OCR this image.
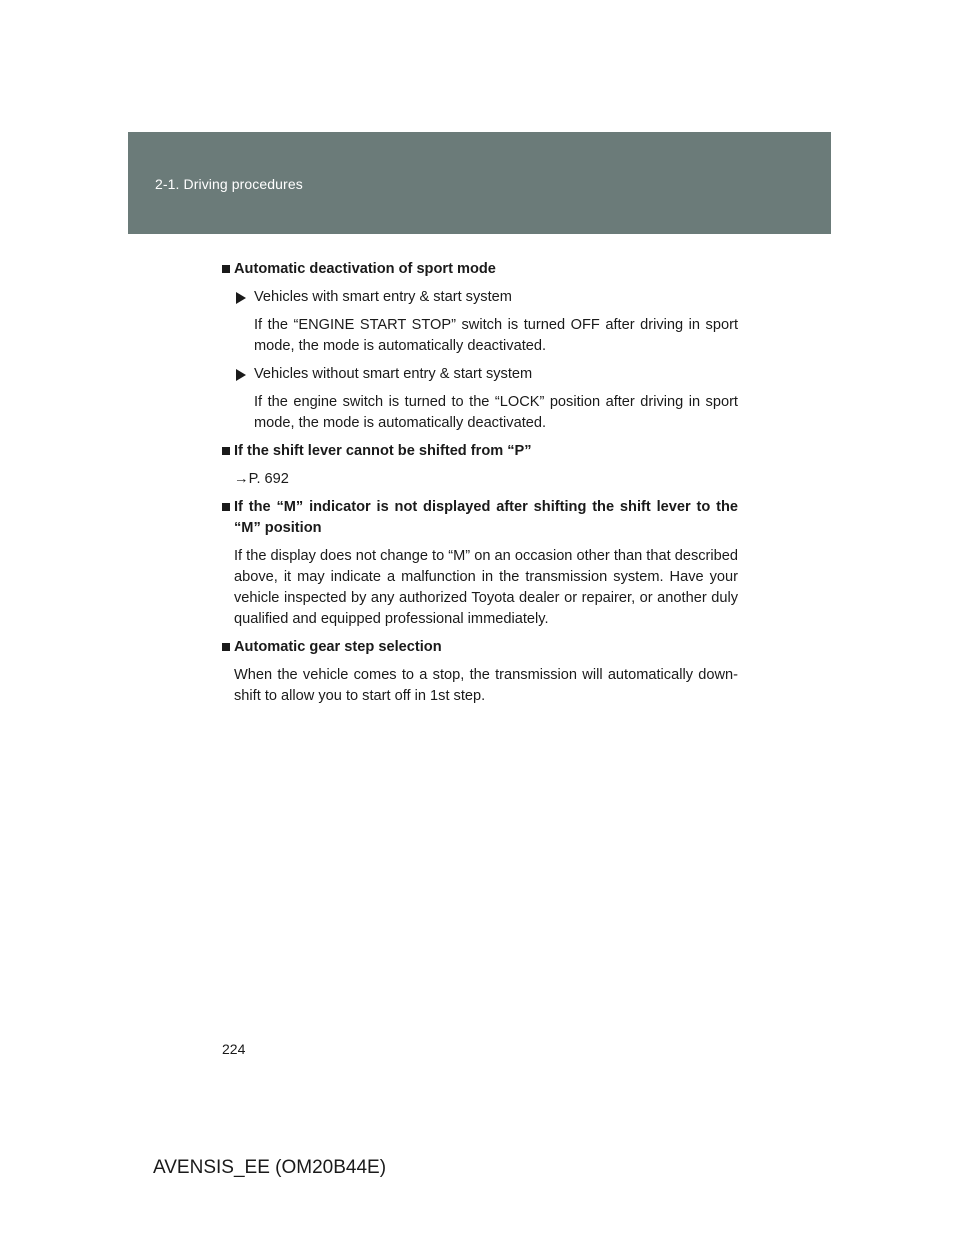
2-1. Driving procedures
Automatic deactivation of sport mode
Vehicles with smart entry & start system
If the “ENGINE START STOP” switch is turned OFF after driving in sport mode, the mode is automatically deactivated.
Vehicles without smart entry & start system
If the engine switch is turned to the “LOCK” position after driving in sport mode, the mode is automatically deactivated.
If the shift lever cannot be shifted from “P”
→P. 692
If the “M” indicator is not displayed after shifting the shift lever to the “M” position
If the display does not change to “M” on an occasion other than that described above, it may indicate a malfunction in the transmission system. Have your vehicle inspected by any authorized Toyota dealer or repairer, or another duly qualified and equipped professional immediately.
Automatic gear step selection
When the vehicle comes to a stop, the transmission will automatically down-shift to allow you to start off in 1st step.
224
AVENSIS_EE (OM20B44E)
